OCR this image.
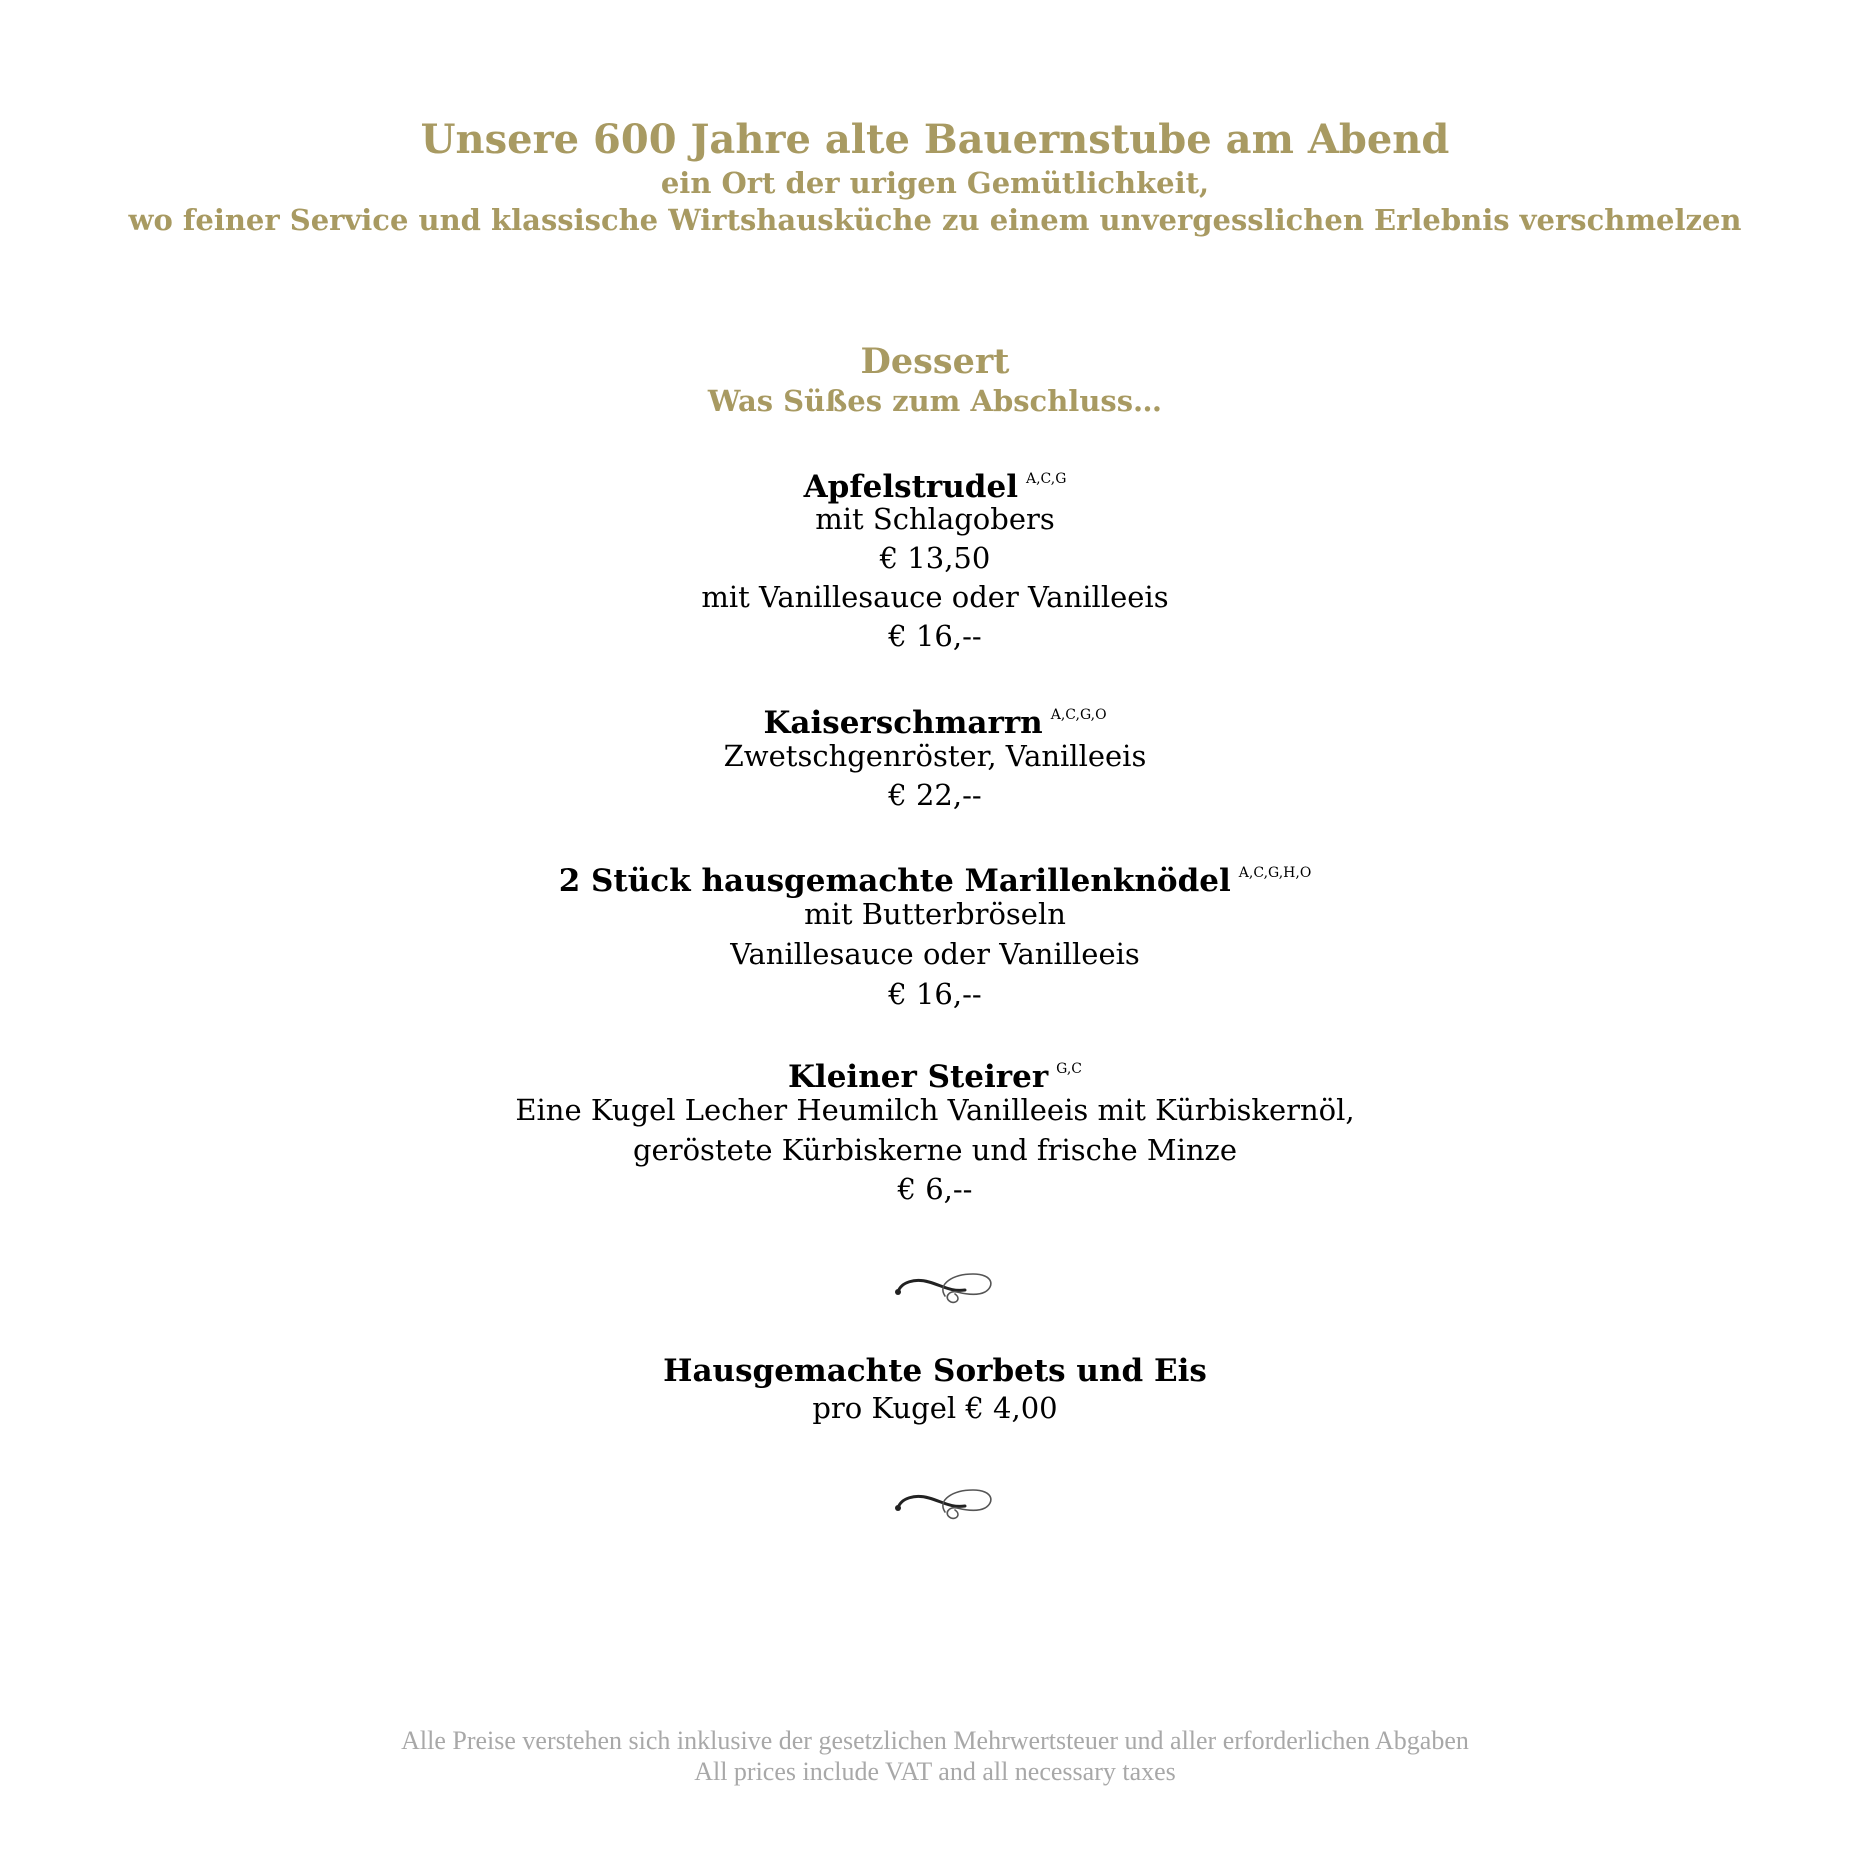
Unsere 600 Jahre alte Bauernstube am Abend
ein Ort der urigen Gemütlichkeit,
wo feiner Service und klassische Wirtshausküche zu einem unvergesslichen Erlebnis verschmelzen
Dessert
Was Süßes zum Abschluss…
Apfelstrudel $^{A,C,G}$
mit Schlagobers
€ 13,50
mit Vanillesauce oder Vanilleeis
€ 16,--
Kaiserschmarrn $^{A,C,G,O}$
Zwetschgenröster, Vanilleeis
€ 22,--
2 Stück hausgemachte Marillenknödel $^{A,C,G,H,O}$
mit Butterbröseln
Vanillesauce oder Vanilleeis
€ 16,--
Kleiner Steirer $^{G,C}$
Eine Kugel Lecher Heumilch Vanilleeis mit Kürbiskernöl,
geröstete Kürbiskerne und frische Minze
€ 6,--
Hausgemachte Sorbets und Eis
pro Kugel € 4,00
Alle Preise verstehen sich inklusive der gesetzlichen Mehrwertsteuer und aller erforderlichen Abgaben
All prices include VAT and all necessary taxes
